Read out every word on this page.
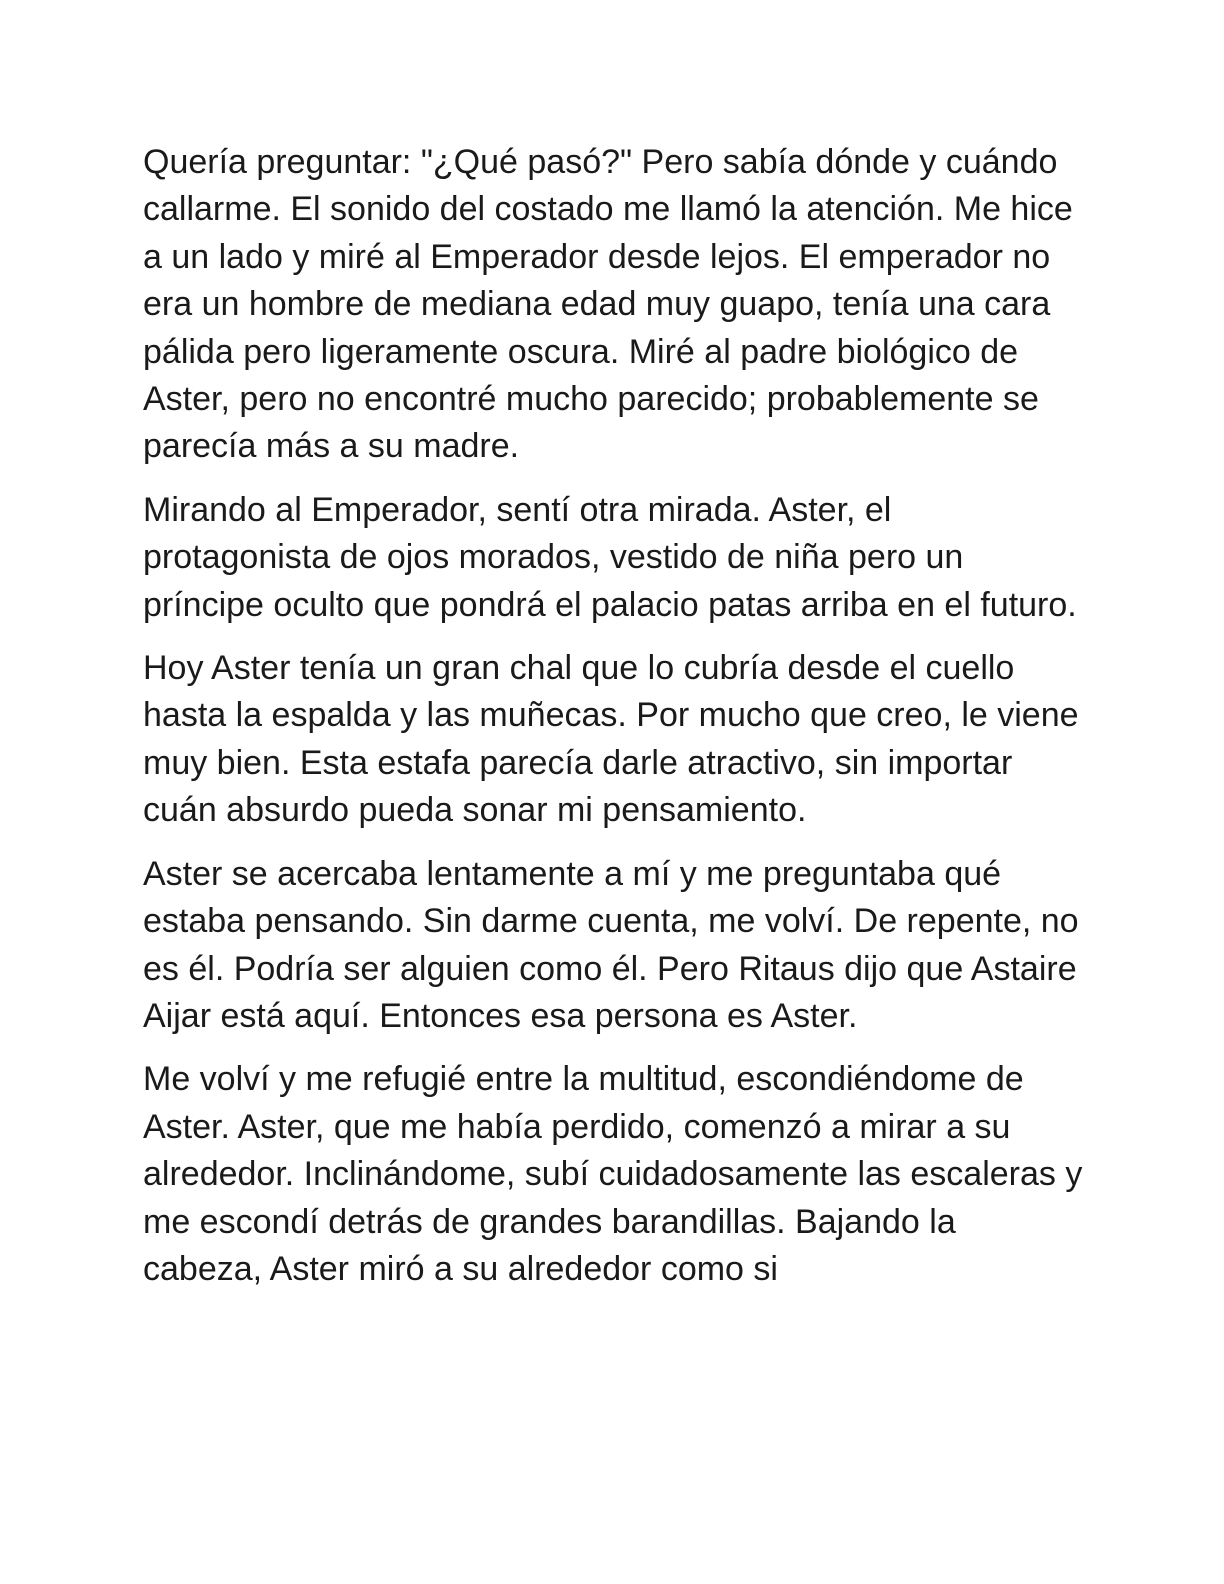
Quería preguntar: "¿Qué pasó?" Pero sabía dónde y cuándo callarme. El sonido del costado me llamó la atención. Me hice a un lado y miré al Emperador desde lejos. El emperador no era un hombre de mediana edad muy guapo, tenía una cara pálida pero ligeramente oscura. Miré al padre biológico de Aster, pero no encontré mucho parecido; probablemente se parecía más a su madre.

Mirando al Emperador, sentí otra mirada. Aster, el protagonista de ojos morados, vestido de niña pero un príncipe oculto que pondrá el palacio patas arriba en el futuro.

Hoy Aster tenía un gran chal que lo cubría desde el cuello hasta la espalda y las muñecas. Por mucho que creo, le viene muy bien. Esta estafa parecía darle atractivo, sin importar cuán absurdo pueda sonar mi pensamiento.

Aster se acercaba lentamente a mí y me preguntaba qué estaba pensando. Sin darme cuenta, me volví. De repente, no es él. Podría ser alguien como él. Pero Ritaus dijo que Astaire Aijar está aquí. Entonces esa persona es Aster.

Me volví y me refugié entre la multitud, escondiéndome de Aster. Aster, que me había perdido, comenzó a mirar a su alrededor. Inclinándome, subí cuidadosamente las escaleras y me escondí detrás de grandes barandillas. Bajando la cabeza, Aster miró a su alrededor como si
